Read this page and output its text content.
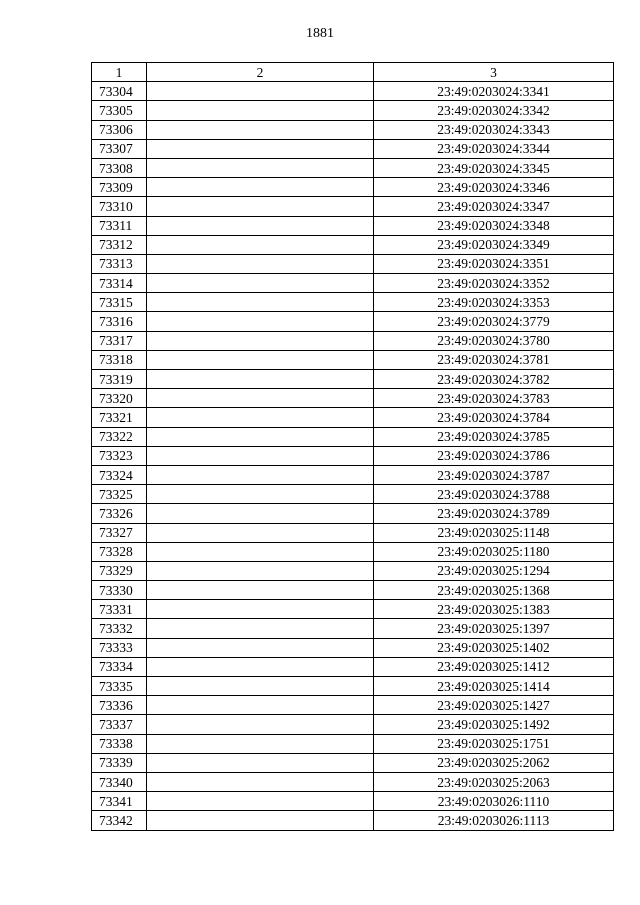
1881
1	2	3
73304		23:49:0203024:3341
73305		23:49:0203024:3342
73306		23:49:0203024:3343
73307		23:49:0203024:3344
73308		23:49:0203024:3345
73309		23:49:0203024:3346
73310		23:49:0203024:3347
73311		23:49:0203024:3348
73312		23:49:0203024:3349
73313		23:49:0203024:3351
73314		23:49:0203024:3352
73315		23:49:0203024:3353
73316		23:49:0203024:3779
73317		23:49:0203024:3780
73318		23:49:0203024:3781
73319		23:49:0203024:3782
73320		23:49:0203024:3783
73321		23:49:0203024:3784
73322		23:49:0203024:3785
73323		23:49:0203024:3786
73324		23:49:0203024:3787
73325		23:49:0203024:3788
73326		23:49:0203024:3789
73327		23:49:0203025:1148
73328		23:49:0203025:1180
73329		23:49:0203025:1294
73330		23:49:0203025:1368
73331		23:49:0203025:1383
73332		23:49:0203025:1397
73333		23:49:0203025:1402
73334		23:49:0203025:1412
73335		23:49:0203025:1414
73336		23:49:0203025:1427
73337		23:49:0203025:1492
73338		23:49:0203025:1751
73339		23:49:0203025:2062
73340		23:49:0203025:2063
73341		23:49:0203026:1110
73342		23:49:0203026:1113
